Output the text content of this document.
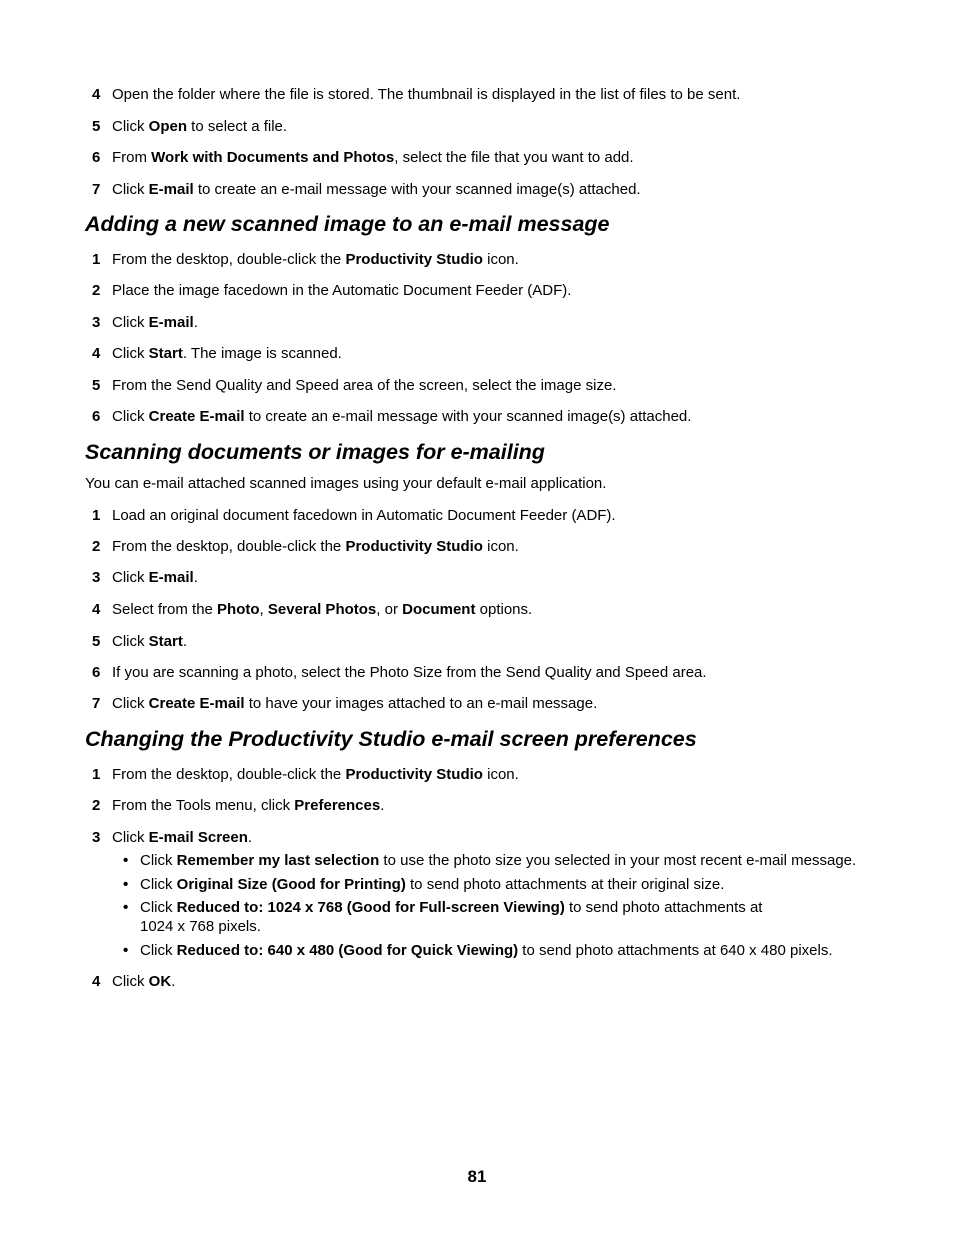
4 Open the folder where the file is stored. The thumbnail is displayed in the list of files to be sent.
5 Click Open to select a file.
6 From Work with Documents and Photos, select the file that you want to add.
7 Click E-mail to create an e-mail message with your scanned image(s) attached.
Adding a new scanned image to an e-mail message
1 From the desktop, double-click the Productivity Studio icon.
2 Place the image facedown in the Automatic Document Feeder (ADF).
3 Click E-mail.
4 Click Start. The image is scanned.
5 From the Send Quality and Speed area of the screen, select the image size.
6 Click Create E-mail to create an e-mail message with your scanned image(s) attached.
Scanning documents or images for e-mailing
You can e-mail attached scanned images using your default e-mail application.
1 Load an original document facedown in Automatic Document Feeder (ADF).
2 From the desktop, double-click the Productivity Studio icon.
3 Click E-mail.
4 Select from the Photo, Several Photos, or Document options.
5 Click Start.
6 If you are scanning a photo, select the Photo Size from the Send Quality and Speed area.
7 Click Create E-mail to have your images attached to an e-mail message.
Changing the Productivity Studio e-mail screen preferences
1 From the desktop, double-click the Productivity Studio icon.
2 From the Tools menu, click Preferences.
3 Click E-mail Screen.
• Click Remember my last selection to use the photo size you selected in your most recent e-mail message.
• Click Original Size (Good for Printing) to send photo attachments at their original size.
• Click Reduced to: 1024 x 768 (Good for Full-screen Viewing) to send photo attachments at
1024 x 768 pixels.
• Click Reduced to: 640 x 480 (Good for Quick Viewing) to send photo attachments at 640 x 480 pixels.
4 Click OK.
81
